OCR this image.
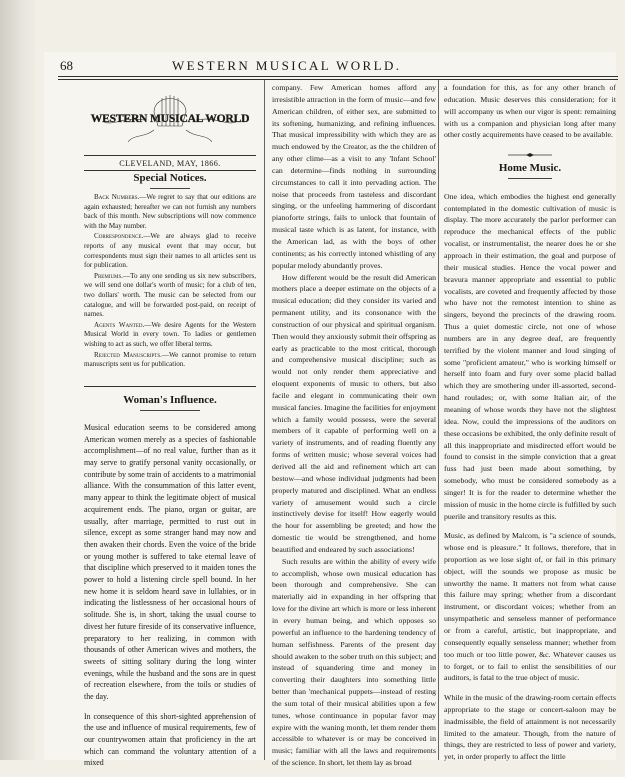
68	WESTERN MUSICAL WORLD.
WESTERN MUSICAL WORLD
CLEVELAND, MAY, 1866.
Special Notices.

Back Numbers.—We regret to say that our editions are again exhausted; hereafter we can not furnish any numbers back of this month. New subscriptions will now commence with the May number.

Correspondence.—We are always glad to receive reports of any musical event that may occur, but correspondents must sign their names to all articles sent us for publication.

Premiums.—To any one sending us six new subscribers, we will send one dollar's worth of music; for a club of ten, two dollars' worth. The music can be selected from our catalogue, and will be forwarded post-paid, on receipt of names.

Agents Wanted.—We desire Agents for the Western Musical World in every town. To ladies or gentlemen wishing to act as such, we offer liberal terms.

Rejected Manuscripts.—We cannot promise to return manuscripts sent us for publication.

Woman's Influence.

Musical education seems to be considered among American women merely as a species of fashionable accomplishment—of no real value, further than as it may serve to gratify personal vanity occasionally, or contribute by some train of accidents to a matrimonial alliance. With the consummation of this latter event, many appear to think the legitimate object of musical acquirement ends. The piano, organ or guitar, are usually, after marriage, permitted to rust out in silence, except as some stranger hand may now and then awaken their chords. Even the voice of the bride or young mother is suffered to take eternal leave of that discipline which preserved to it maiden tones the power to hold a listening circle spell bound. In her new home it is seldom heard save in lullabies, or in indicating the listlessness of her occasional hours of solitude. She is, in short, taking the usual course to divest her future fireside of its conservative influence, preparatory to her realizing, in common with thousands of other American wives and mothers, the sweets of sitting solitary during the long winter evenings, while the husband and the sons are in quest of recreation elsewhere, from the toils or studies of the day.

In consequence of this short-sighted apprehension of the use and influence of musical requirements, few of our countrywomen attain that proficiency in the art which can command the voluntary attention of a mixed

company. Few American homes afford any irresistible attraction in the form of music—and few American children, of either sex, are submitted to its softening, humanizing, and refining influences. That musical impressibility with which they are as much endowed by the Creator, as the the children of any other clime—as a visit to any 'Infant School' can determine—finds nothing in surrounding circumstances to call it into pervading action. The noise that proceeds from tasteless and discordant singing, or the unfeeling hammering of discordant pianoforte strings, fails to unlock that fountain of musical taste which is as latent, for instance, with the American lad, as with the boys of other continents; as his correctly intoned whistling of any popular melody abundantly proves.

How different would be the result did American mothers place a deeper estimate on the objects of a musical education; did they consider its varied and permanent utility, and its consonance with the construction of our physical and spiritual organism. Then would they anxiously submit their offspring as early as practicable to the most critical, thorough and comprehensive musical discipline; such as would not only render them appreciative and eloquent exponents of music to others, but also facile and elegant in communicating their own musical fancies. Imagine the facilities for enjoyment which a family would possess, were the several members of it capable of performing well on a variety of instruments, and of reading fluently any forms of written music; whose several voices had derived all the aid and refinement which art can bestow—and whose individual judgments had been properly matured and disciplined. What an endless variety of amusement would such a circle instinctively devise for itself! How eagerly would the hour for assembling be greeted; and how the domestic tie would be strengthened, and home beautified and endeared by such associations!

Such results are within the ability of every wife to accomplish, whose own musical education has been thorough and comprehensive. She can materially aid in expanding in her offspring that love for the divine art which is more or less inherent in every human being, and which opposes so powerful an influence to the hardening tendency of human selfishness. Parents of the present day should awaken to the sober truth on this subject; and instead of squandering time and money in converting their daughters into something little better than 'mechanical puppets—instead of resting the sum total of their musical abilities upon a few tunes, whose continuance in popular favor may expire with the waning month, let them render them accessible to whatever is or may be conceived in music; familiar with all the laws and requirements of the science. In short, let them lay as broad

a foundation for this, as for any other branch of education. Music deserves this consideration; for it will accompany us when our vigor is spent: remaining with us a companion and physician long after many other costly acquirements have ceased to be available.

Home Music.

One idea, which embodies the highest end generally contemplated in the domestic cultivation of music is display. The more accurately the parlor performer can reproduce the mechanical effects of the public vocalist, or instrumentalist, the nearer does he or she approach in their estimation, the goal and purpose of their musical studies. Hence the vocal power and bravura manner appropriate and essential to public vocalists, are coveted and frequently affected by those who have not the remotest intention to shine as singers, beyond the precincts of the drawing room. Thus a quiet domestic circle, not one of whose numbers are in any degree deaf, are frequently terrified by the violent manner and loud singing of some "proficient amateur," who is working himself or herself into foam and fury over some placid ballad which they are smothering under ill-assorted, second-hand roulades; or, with some Italian air, of the meaning of whose words they have not the slightest idea. Now, could the impressions of the auditors on these occasions be exhibited, the only definite result of all this inappropriate and misdirected effort would be found to consist in the simple conviction that a great fuss had just been made about something, by somebody, who must be considered somebody as a singer! It is for the reader to determine whether the mission of music in the home circle is fulfilled by such puerile and transitory results as this.

Music, as defined by Malcom, is "a science of sounds, whose end is pleasure." It follows, therefore, that in proportion as we lose sight of, or fail in this primary object, will the sounds we propose as music be unworthy the name. It matters not from what cause this failure may spring; whether from a discordant instrument, or discordant voices; whether from an unsympathetic and senseless manner of performance or from a careful, artistic, but inappropriate, and consequently equally senseless manner; whether from too much or too little power, &c. Whatever causes us to forget, or to fail to enlist the sensibilities of our auditors, is fatal to the true object of music.

While in the music of the drawing-room certain effects appropriate to the stage or concert-saloon may be inadmissible, the field of attainment is not necessarily limited to the amateur. Though, from the nature of things, they are restricted to less of power and variety, yet, in order properly to affect the little
